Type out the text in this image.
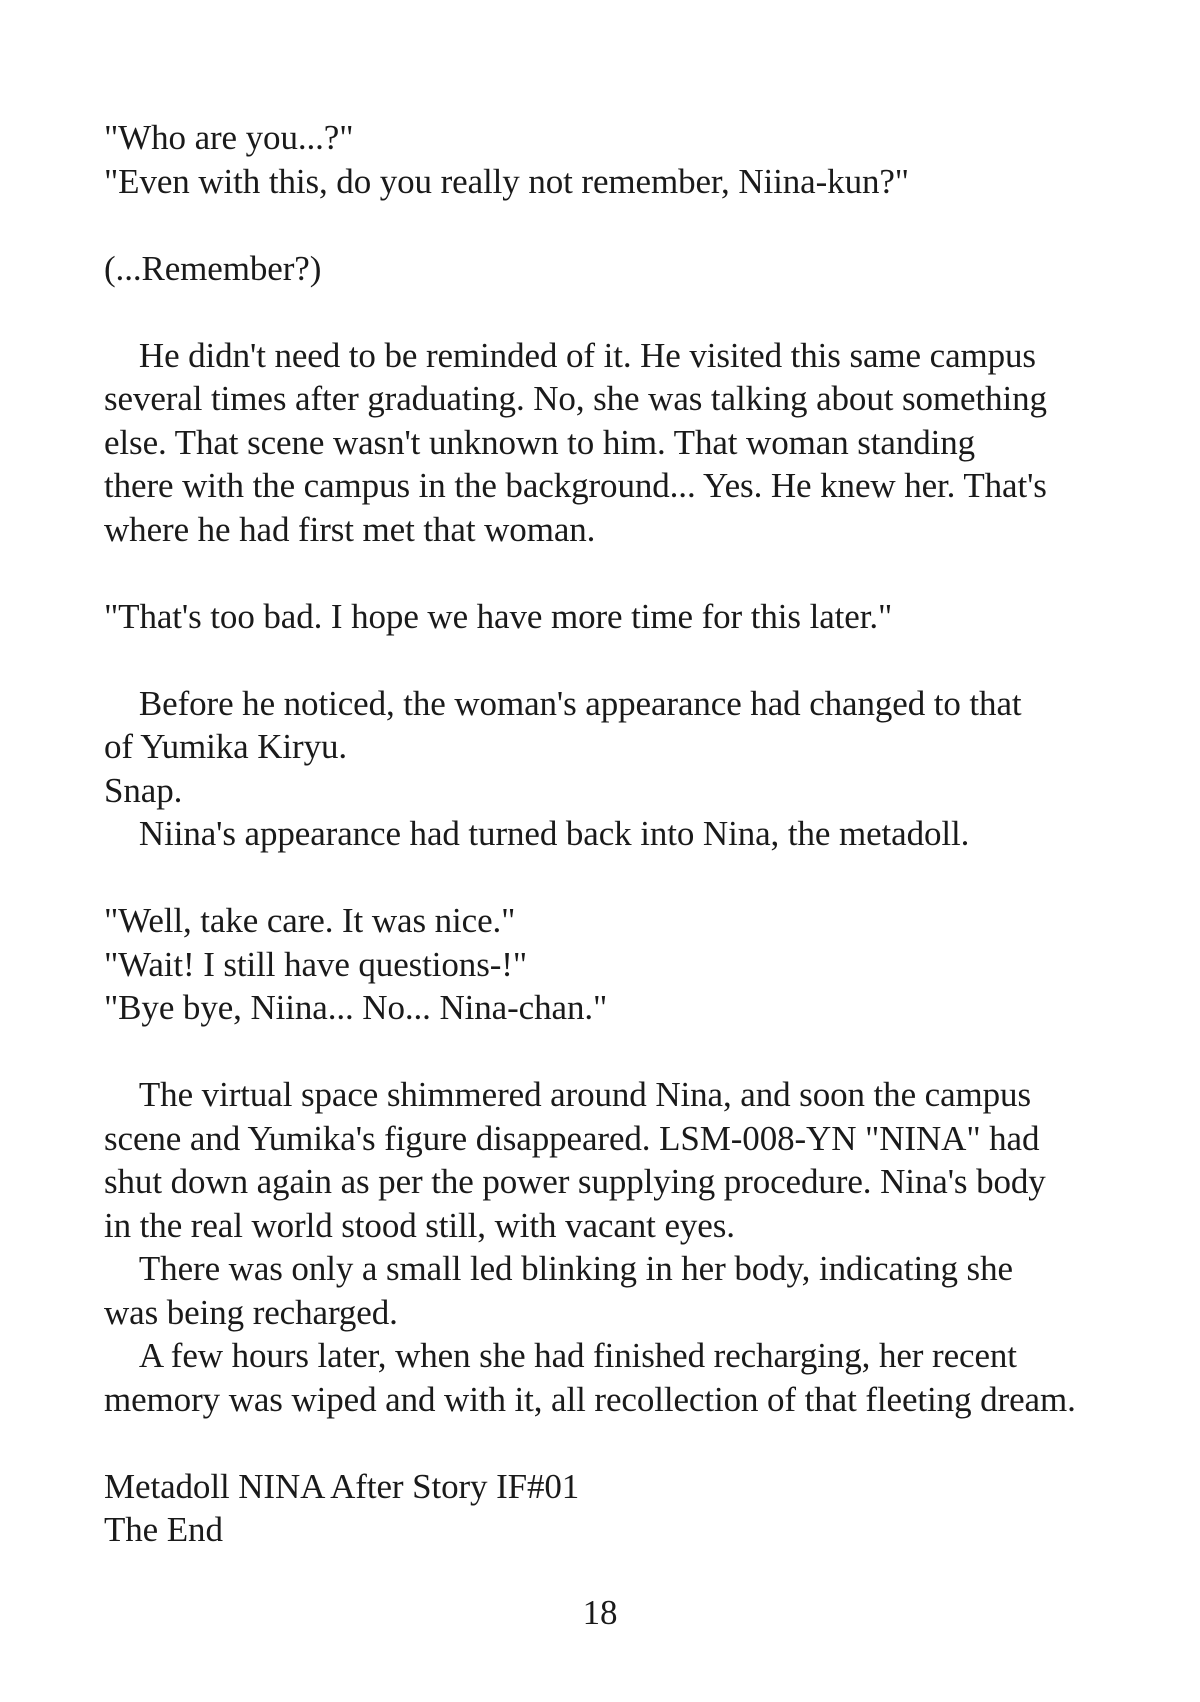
"Who are you...?"

"Even with this, do you really not remember, Niina-kun?"

(...Remember?)

　He didn't need to be reminded of it. He visited this same campus

several times after graduating. No, she was talking about something

else. That scene wasn't unknown to him. That woman standing

there with the campus in the background... Yes. He knew her. That's

where he had first met that woman.

"That's too bad. I hope we have more time for this later."

　Before he noticed, the woman's appearance had changed to that

of Yumika Kiryu.

Snap.

　Niina's appearance had turned back into Nina, the metadoll.

"Well, take care. It was nice."

"Wait! I still have questions-!"

"Bye bye, Niina... No... Nina-chan."

　The virtual space shimmered around Nina, and soon the campus

scene and Yumika's figure disappeared. LSM-008-YN "NINA" had

shut down again as per the power supplying procedure. Nina's body

in the real world stood still, with vacant eyes.

　There was only a small led blinking in her body, indicating she

was being recharged.

　A few hours later, when she had finished recharging, her recent

memory was wiped and with it, all recollection of that fleeting dream.

Metadoll NINA After Story IF#01

The End

18
